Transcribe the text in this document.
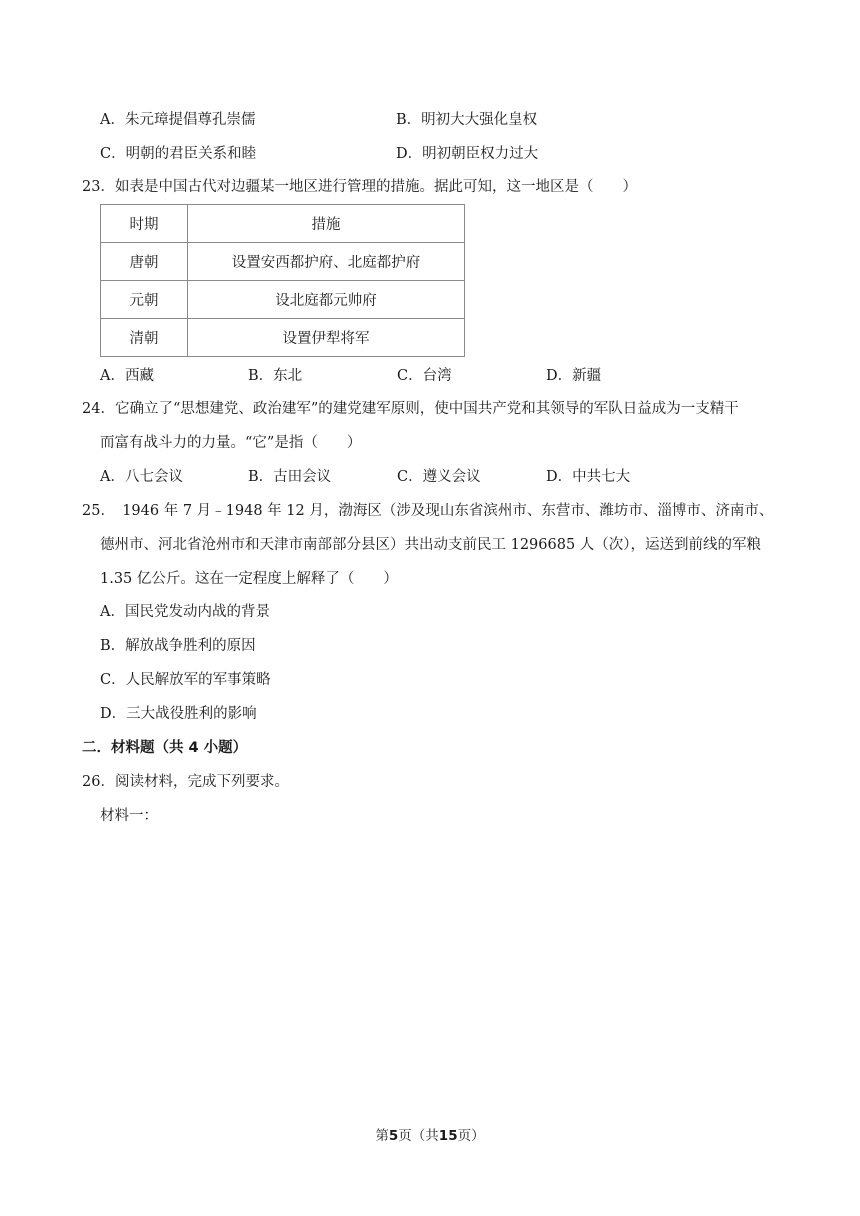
A．朱元璋提倡尊孔崇儒	B．明初大大强化皇权
C．明朝的君臣关系和睦	D．明初朝臣权力过大
23．如表是中国古代对边疆某一地区进行管理的措施。据此可知，这一地区是（　　）
时期	措施
唐朝	设置安西都护府、北庭都护府
元朝	设北庭都元帅府
清朝	设置伊犁将军
A．西藏	B．东北	C．台湾	D．新疆
24．它确立了“思想建党、政治建军”的建党建军原则，使中国共产党和其领导的军队日益成为一支精干
而富有战斗力的力量。“它”是指（　　）
A．八七会议	B．古田会议	C．遵义会议	D．中共七大
25．　1946 年 7 月﹣1948 年 12 月，渤海区（涉及现山东省滨州市、东营市、潍坊市、淄博市、济南市、
德州市、河北省沧州市和天津市南部部分县区）共出动支前民工 1296685 人（次），运送到前线的军粮
1.35 亿公斤。这在一定程度上解释了（　　）
A．国民党发动内战的背景
B．解放战争胜利的原因
C．人民解放军的军事策略
D．三大战役胜利的影响
二．材料题（共 4 小题）
26．阅读材料，完成下列要求。
材料一：
第5页（共15页）
